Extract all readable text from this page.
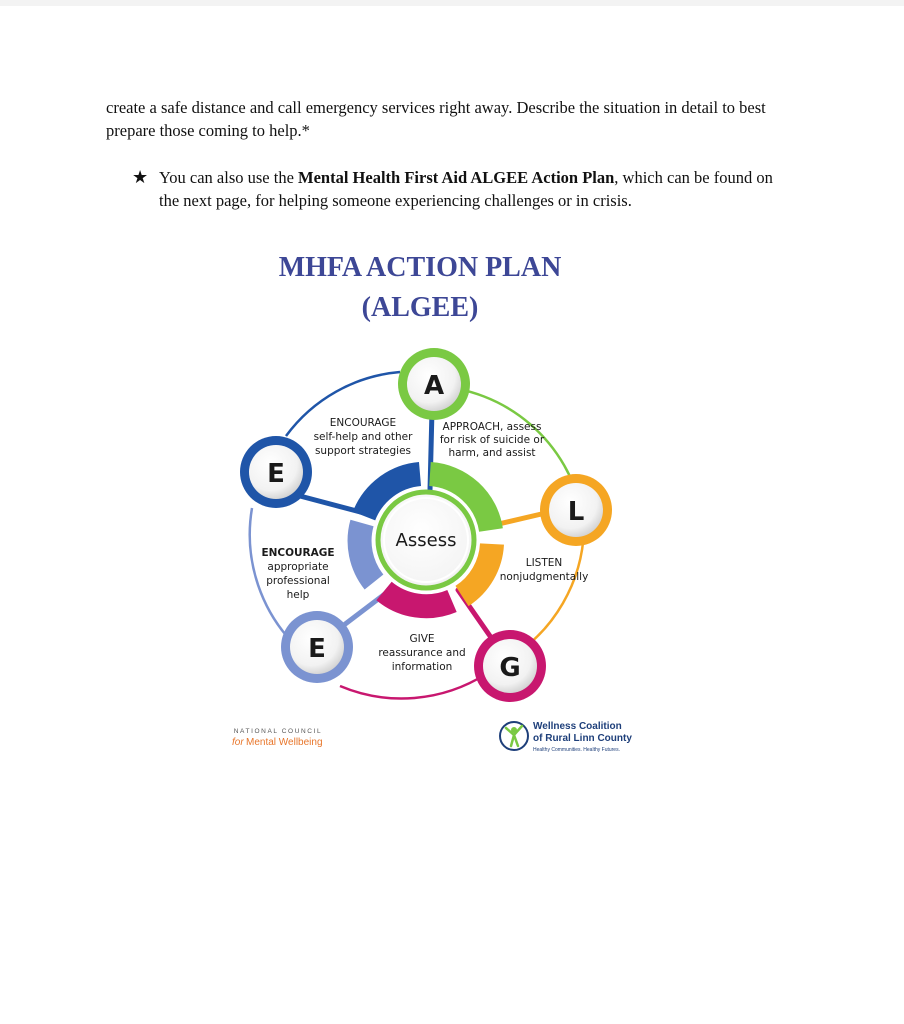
create a safe distance and call emergency services right away. Describe the situation in detail to best prepare those coming to help.*

★ You can also use the Mental Health First Aid ALGEE Action Plan, which can be found on the next page, for helping someone experiencing challenges or in crisis.
MHFA ACTION PLAN
(ALGEE)
Assess
A
L
G
E
E
APPROACH, assess
for risk of suicide or
harm, and assist
ENCOURAGE
self-help and other
support strategies
LISTEN
nonjudgmentally
ENCOURAGE
appropriate
professional
help
GIVE
reassurance and
information
NATIONAL COUNCIL
for Mental Wellbeing
Wellness Coalition
of Rural Linn County
Healthy Communities. Healthy Futures.
